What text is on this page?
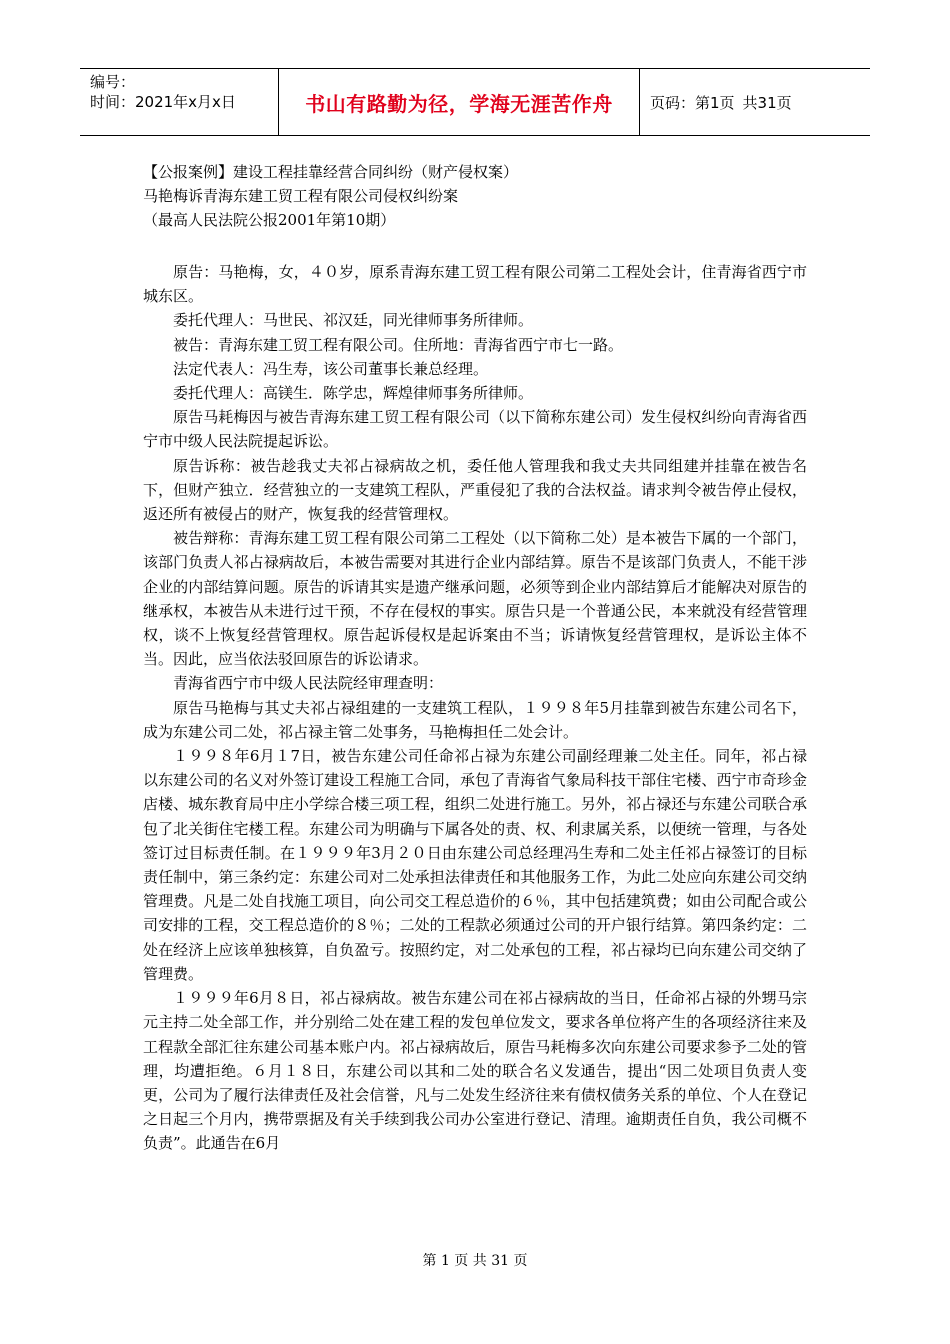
编号：
时间：2021年x月x日	书山有路勤为径，学海无涯苦作舟	页码：第1页 共31页
【公报案例】建设工程挂靠经营合同纠纷（财产侵权案）
马艳梅诉青海东建工贸工程有限公司侵权纠纷案
（最高人民法院公报2001年第10期）

原告：马艳梅，女，４０岁，原系青海东建工贸工程有限公司第二工程处会计，住青海省西宁市城东区。

委托代理人：马世民、祁汉廷，同光律师事务所律师。

被告：青海东建工贸工程有限公司。住所地：青海省西宁市七一路。

法定代表人：冯生寿，该公司董事长兼总经理。

委托代理人：高镁生．陈学忠，辉煌律师事务所律师。

原告马耗梅因与被告青海东建工贸工程有限公司（以下简称东建公司）发生侵权纠纷向青海省西宁市中级人民法院提起诉讼。

原告诉称：被告趁我丈夫祁占禄病故之机，委任他人管理我和我丈夫共同组建并挂靠在被告名下，但财产独立．经营独立的一支建筑工程队，严重侵犯了我的合法权益。请求判令被告停止侵权，返还所有被侵占的财产，恢复我的经营管理权。

被告辩称：青海东建工贸工程有限公司第二工程处（以下简称二处）是本被告下属的一个部门，该部门负责人祁占禄病故后，本被告需要对其进行企业内部结算。原告不是该部门负责人，不能干涉企业的内部结算问题。原告的诉请其实是遗产继承问题，必须等到企业内部结算后才能解决对原告的继承权，本被告从未进行过干预，不存在侵权的事实。原告只是一个普通公民，本来就没有经营管理权，谈不上恢复经营管理权。原告起诉侵权是起诉案由不当；诉请恢复经营管理权，是诉讼主体不当。因此，应当依法驳回原告的诉讼请求。

青海省西宁市中级人民法院经审理查明：

原告马艳梅与其丈夫祁占禄组建的一支建筑工程队，１９９８年5月挂靠到被告东建公司名下，成为东建公司二处，祁占禄主管二处事务，马艳梅担任二处会计。

１９９８年6月１7日，被告东建公司任命祁占禄为东建公司副经理兼二处主任。同年，祁占禄以东建公司的名义对外签订建设工程施工合同，承包了青海省气象局科技干部住宅楼、西宁市奇珍金店楼、城东教育局中庄小学综合楼三项工程，组织二处进行施工。另外，祁占禄还与东建公司联合承包了北关街住宅楼工程。东建公司为明确与下属各处的责、权、利隶属关系，以便统一管理，与各处签订过目标责任制。在１９９９年3月２０日由东建公司总经理冯生寿和二处主任祁占禄签订的目标责任制中，第三条约定：东建公司对二处承担法律责任和其他服务工作，为此二处应向东建公司交纳管理费。凡是二处自找施工项目，向公司交工程总造价的６％，其中包括建筑费；如由公司配合或公司安排的工程，交工程总造价的８％；二处的工程款必须通过公司的开户银行结算。第四条约定：二处在经济上应该单独核算，自负盈亏。按照约定，对二处承包的工程，祁占禄均已向东建公司交纳了管理费。

１９９９年6月８日，祁占禄病故。被告东建公司在祁占禄病故的当日，任命祁占禄的外甥马宗元主持二处全部工作，并分别给二处在建工程的发包单位发文，要求各单位将产生的各项经济往来及工程款全部汇往东建公司基本账户内。祁占禄病故后，原告马耗梅多次向东建公司要求参予二处的管理，均遭拒绝。６月１８日，东建公司以其和二处的联合名义发通告，提出“因二处项目负责人变更，公司为了履行法律责任及社会信誉，凡与二处发生经济往来有债权债务关系的单位、个人在登记之日起三个月内，携带票据及有关手续到我公司办公室进行登记、清理。逾期责任自负，我公司概不负责”。此通告在6月

第 1 页 共 31 页
